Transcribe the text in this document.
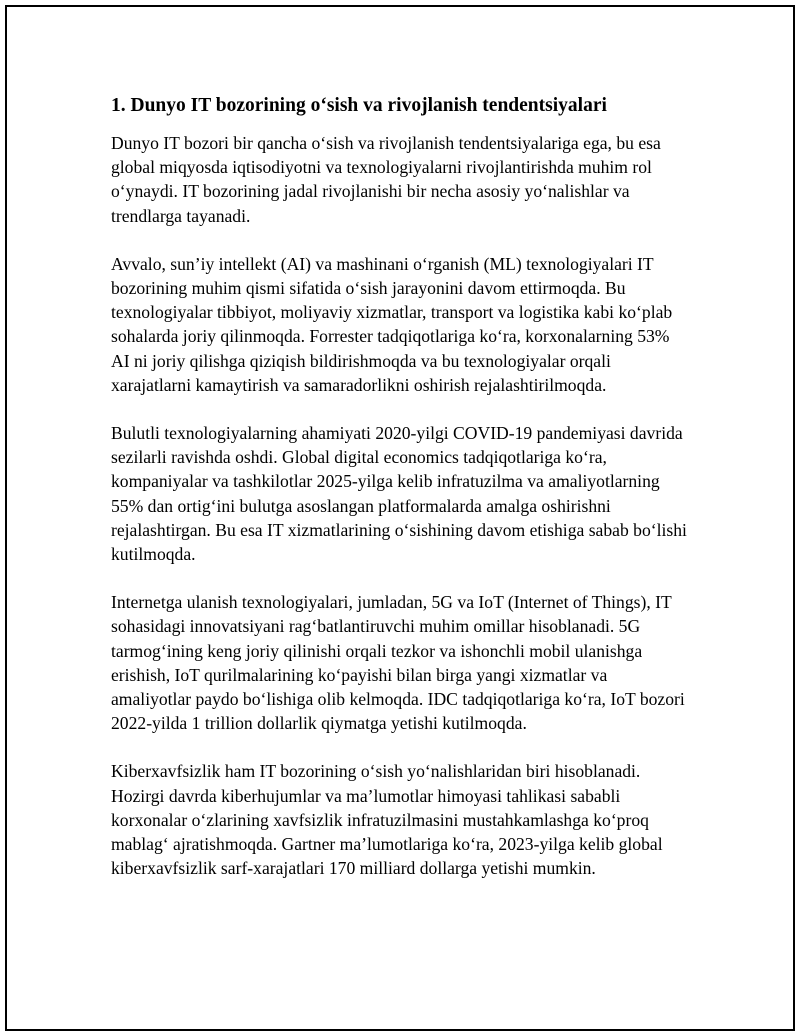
1. Dunyo IT bozorining o‘sish va rivojlanish tendentsiyalari

Dunyo IT bozori bir qancha o‘sish va rivojlanish tendentsiyalariga ega, bu esa global miqyosda iqtisodiyotni va texnologiyalarni rivojlantirishda muhim rol o‘ynaydi. IT bozorining jadal rivojlanishi bir necha asosiy yo‘nalishlar va trendlarga tayanadi.

Avvalo, sun’iy intellekt (AI) va mashinani o‘rganish (ML) texnologiyalari IT bozorining muhim qismi sifatida o‘sish jarayonini davom ettirmoqda. Bu texnologiyalar tibbiyot, moliyaviy xizmatlar, transport va logistika kabi ko‘plab sohalarda joriy qilinmoqda. Forrester tadqiqotlariga ko‘ra, korxonalarning 53% AI ni joriy qilishga qiziqish bildirishmoqda va bu texnologiyalar orqali xarajatlarni kamaytirish va samaradorlikni oshirish rejalashtirilmoqda.

Bulutli texnologiyalarning ahamiyati 2020-yilgi COVID-19 pandemiyasi davrida sezilarli ravishda oshdi. Global digital economics tadqiqotlariga ko‘ra, kompaniyalar va tashkilotlar 2025-yilga kelib infratuzilma va amaliyotlarning 55% dan ortig‘ini bulutga asoslangan platformalarda amalga oshirishni rejalashtirgan. Bu esa IT xizmatlarining o‘sishining davom etishiga sabab bo‘lishi kutilmoqda.

Internetga ulanish texnologiyalari, jumladan, 5G va IoT (Internet of Things), IT sohasidagi innovatsiyani rag‘batlantiruvchi muhim omillar hisoblanadi. 5G tarmog‘ining keng joriy qilinishi orqali tezkor va ishonchli mobil ulanishga erishish, IoT qurilmalarining ko‘payishi bilan birga yangi xizmatlar va amaliyotlar paydo bo‘lishiga olib kelmoqda. IDC tadqiqotlariga ko‘ra, IoT bozori 2022-yilda 1 trillion dollarlik qiymatga yetishi kutilmoqda.

Kiberxavfsizlik ham IT bozorining o‘sish yo‘nalishlaridan biri hisoblanadi. Hozirgi davrda kiberhujumlar va ma’lumotlar himoyasi tahlikasi sababli korxonalar o‘zlarining xavfsizlik infratuzilmasini mustahkamlashga ko‘proq mablag‘ ajratishmoqda. Gartner ma’lumotlariga ko‘ra, 2023-yilga kelib global kiberxavfsizlik sarf-xarajatlari 170 milliard dollarga yetishi mumkin.
